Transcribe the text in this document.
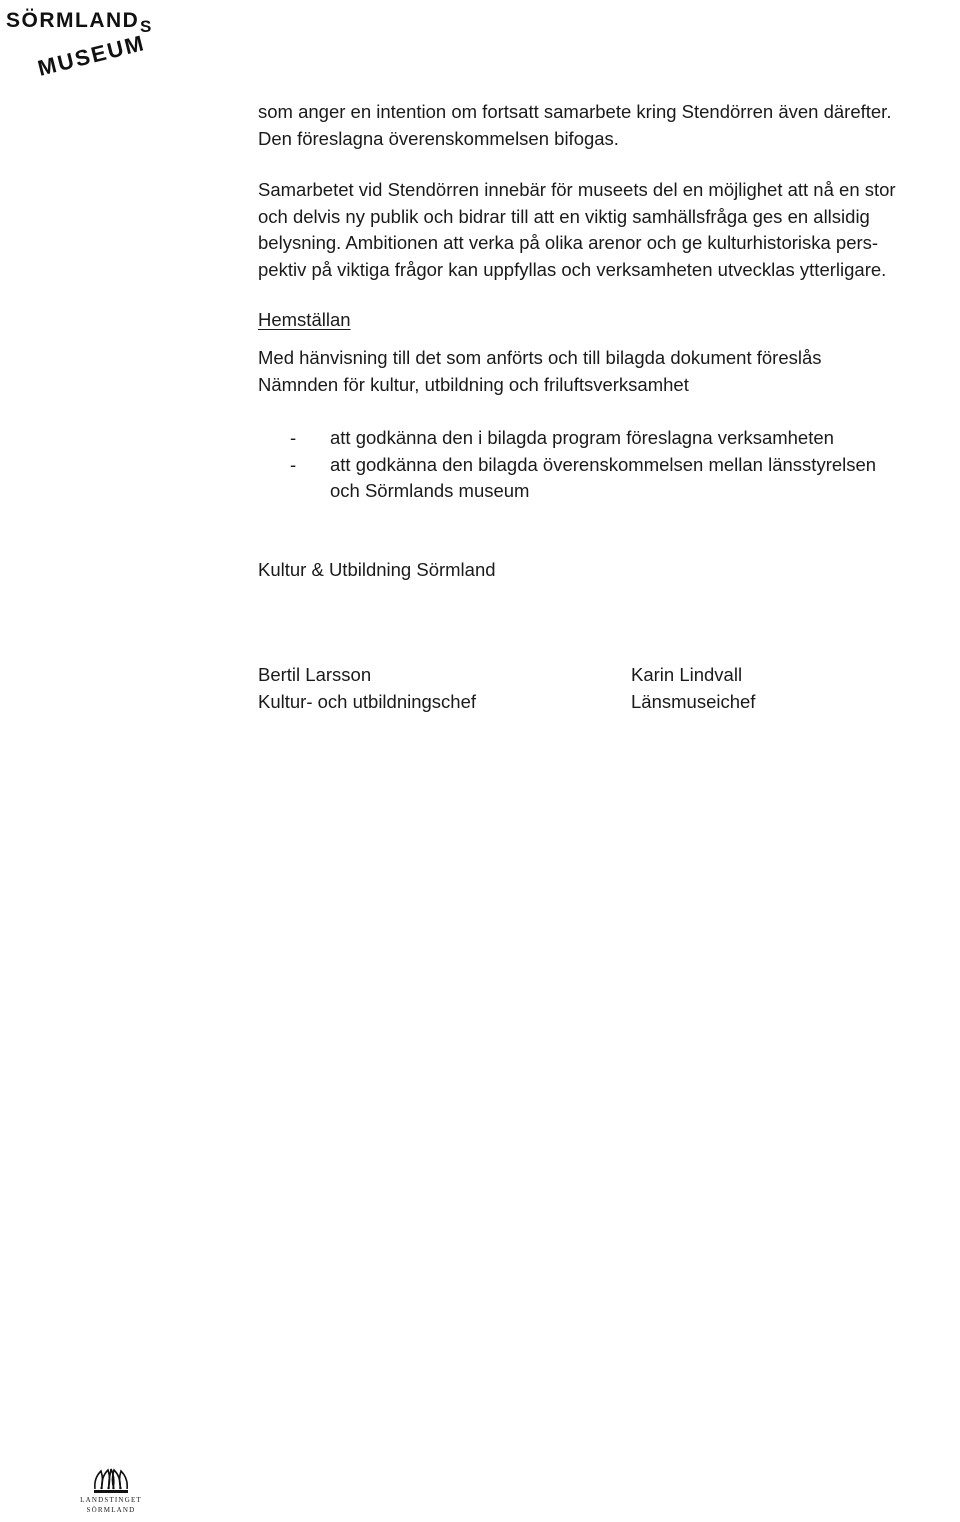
SÖRMLAND S
MUSEUM

som anger en intention om fortsatt samarbete kring Stendörren även därefter.

Den föreslagna överenskommelsen bifogas.

Samarbetet vid Stendörren innebär för museets del en möjlighet att nå en stor

och delvis ny publik och bidrar till att en viktig samhällsfråga ges en allsidig

belysning. Ambitionen att verka på olika arenor och ge kulturhistoriska pers-

pektiv på viktiga frågor kan uppfyllas och verksamheten utvecklas ytterligare.

Hemställan

Med hänvisning till det som anförts och till bilagda dokument föreslås

Nämnden för kultur, utbildning och friluftsverksamhet

- att godkänna den i bilagda program föreslagna verksamheten
- att godkänna den bilagda överenskommelsen mellan länsstyrelsen
och Sörmlands museum

Kultur & Utbildning Sörmland

Bertil Larsson

Kultur- och utbildningschef

Karin Lindvall

Länsmuseichef

LANDSTINGET
SÖRMLAND
